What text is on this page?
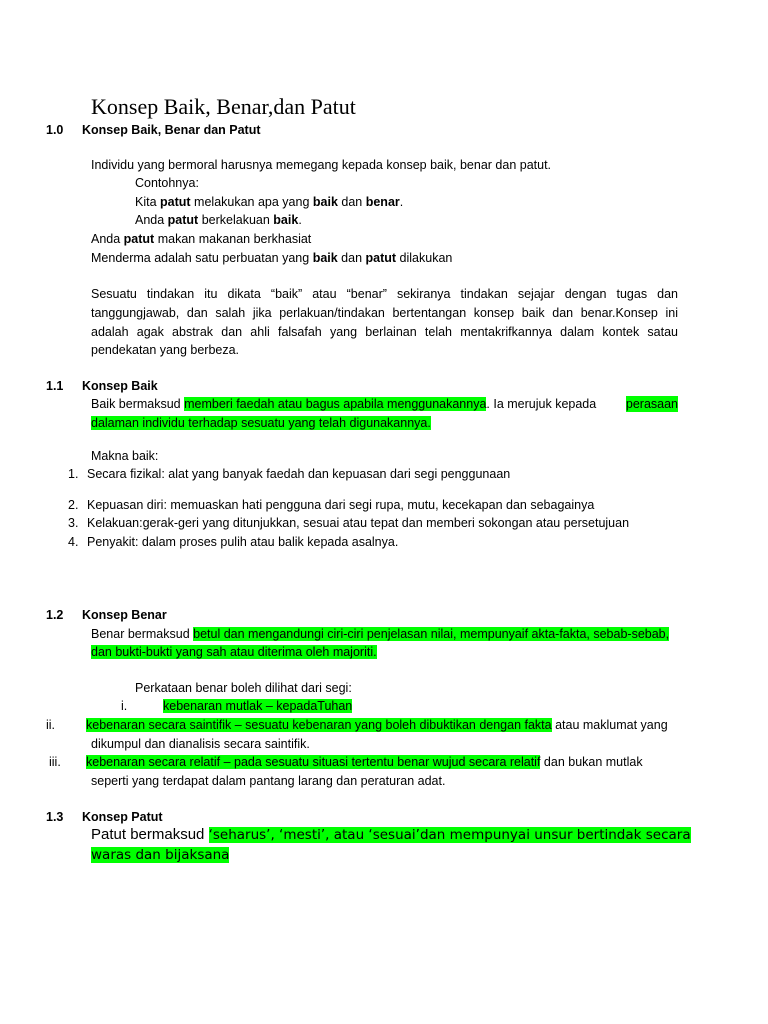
Konsep Baik, Benar,dan Patut
1.0 Konsep Baik, Benar dan Patut
Individu yang bermoral harusnya memegang kepada konsep baik, benar dan patut.
Contohnya:
Kita patut melakukan apa yang baik dan benar.
Anda patut berkelakuan baik.
Anda patut makan makanan berkhasiat
Menderma adalah satu perbuatan yang baik dan patut dilakukan
Sesuatu tindakan itu dikata “baik” atau “benar” sekiranya tindakan sejajar dengan tugas dan
tanggungjawab, dan salah jika perlakuan/tindakan bertentangan konsep baik dan benar.Konsep ini
adalah agak abstrak dan ahli falsafah yang berlainan telah mentakrifkannya dalam kontek satau
pendekatan yang berbeza.
1.1 Konsep Baik
Baik bermaksud memberi faedah atau bagus apabila menggunakannya. Ia merujuk kepada perasaan
dalaman individu terhadap sesuatu yang telah digunakannya.
Makna baik:
1. Secara fizikal: alat yang banyak faedah dan kepuasan dari segi penggunaan
2. Kepuasan diri: memuaskan hati pengguna dari segi rupa, mutu, kecekapan dan sebagainya
3. Kelakuan:gerak-geri yang ditunjukkan, sesuai atau tepat dan memberi sokongan atau persetujuan
4. Penyakit: dalam proses pulih atau balik kepada asalnya.
1.2 Konsep Benar
Benar bermaksud betul dan mengandungi ciri-ciri penjelasan nilai, mempunyaif akta-fakta, sebab-sebab,
dan bukti-bukti yang sah atau diterima oleh majoriti.
Perkataan benar boleh dilihat dari segi:
i.	kebenaran mutlak – kepadaTuhan
ii. kebenaran secara saintifik – sesuatu kebenaran yang boleh dibuktikan dengan fakta atau maklumat yang
dikumpul dan dianalisis secara saintifik.
iii. kebenaran secara relatif – pada sesuatu situasi tertentu benar wujud secara relatif dan bukan mutlak
seperti yang terdapat dalam pantang larang dan peraturan adat.
1.3 Konsep Patut
Patut bermaksud ‘seharus’, ‘mesti’, atau ‘sesuai’dan mempunyai unsur bertindak secara
waras dan bijaksana
